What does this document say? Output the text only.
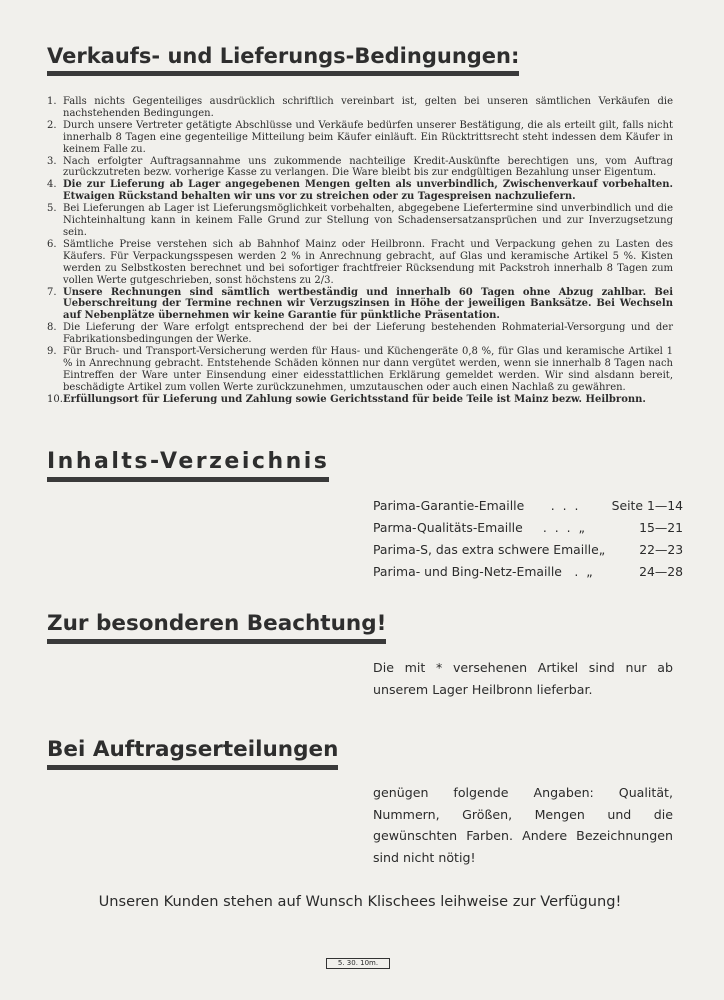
Verkaufs- und Lieferungs-Bedingungen:
1. Falls nichts Gegenteiliges ausdrücklich schriftlich vereinbart ist, gelten bei unseren sämtlichen Verkäufen die nachstehenden Bedingungen.
2. Durch unsere Vertreter getätigte Abschlüsse und Verkäufe bedürfen unserer Bestätigung, die als erteilt gilt, falls nicht innerhalb 8 Tagen eine gegenteilige Mitteilung beim Käufer einläuft. Ein Rücktrittsrecht steht indessen dem Käufer in keinem Falle zu.
3. Nach erfolgter Auftragsannahme uns zukommende nachteilige Kredit-Auskünfte berechtigen uns, vom Auftrag zurückzutreten bezw. vorherige Kasse zu verlangen. Die Ware bleibt bis zur endgültigen Bezahlung unser Eigentum.
4. Die zur Lieferung ab Lager angegebenen Mengen gelten als unverbindlich, Zwischenverkauf vorbehalten. Etwaigen Rückstand behalten wir uns vor zu streichen oder zu Tagespreisen nachzuliefern.
5. Bei Lieferungen ab Lager ist Lieferungsmöglichkeit vorbehalten, abgegebene Liefertermine sind unverbindlich und die Nichteinhaltung kann in keinem Falle Grund zur Stellung von Schadensersatzansprüchen und zur Inverzugsetzung sein.
6. Sämtliche Preise verstehen sich ab Bahnhof Mainz oder Heilbronn. Fracht und Verpackung gehen zu Lasten des Käufers. Für Verpackungsspesen werden 2 % in Anrechnung gebracht, auf Glas und keramische Artikel 5 %. Kisten werden zu Selbstkosten berechnet und bei sofortiger frachtfreier Rücksendung mit Packstroh innerhalb 8 Tagen zum vollen Werte gutgeschrieben, sonst höchstens zu 2/3.
7. Unsere Rechnungen sind sämtlich wertbeständig und innerhalb 60 Tagen ohne Abzug zahlbar. Bei Ueberschreitung der Termine rechnen wir Verzugszinsen in Höhe der jeweiligen Banksätze. Bei Wechseln auf Nebenplätze übernehmen wir keine Garantie für pünktliche Präsentation.
8. Die Lieferung der Ware erfolgt entsprechend der bei der Lieferung bestehenden Rohmaterial-Versorgung und der Fabrikationsbedingungen der Werke.
9. Für Bruch- und Transport-Versicherung werden für Haus- und Küchengeräte 0,8 %, für Glas und keramische Artikel 1 % in Anrechnung gebracht. Entstehende Schäden können nur dann vergütet werden, wenn sie innerhalb 8 Tagen nach Eintreffen der Ware unter Einsendung einer eidesstattlichen Erklärung gemeldet werden. Wir sind alsdann bereit, beschädigte Artikel zum vollen Werte zurückzunehmen, umzutauschen oder auch einen Nachlaß zu gewähren.
10. Erfüllungsort für Lieferung und Zahlung sowie Gerichtsstand für beide Teile ist Mainz bezw. Heilbronn.
Inhalts-Verzeichnis
Parima-Garantie-Emaille	. . .	Seite 1—14
Parma-Qualitäts-Emaille	. . . „	15—21
Parima-S, das extra schwere Emaille „	22—23
Parima- und Bing-Netz-Emaille . „	24—28
Zur besonderen Beachtung!
Die mit * versehenen Artikel sind nur ab unserem Lager Heilbronn lieferbar.
Bei Auftragserteilungen
genügen folgende Angaben: Qualität, Nummern, Größen, Mengen und die gewünschten Farben. Andere Bezeichnungen sind nicht nötig!
Unseren Kunden stehen auf Wunsch Klischees leihweise zur Verfügung!
5. 30. 10m.
